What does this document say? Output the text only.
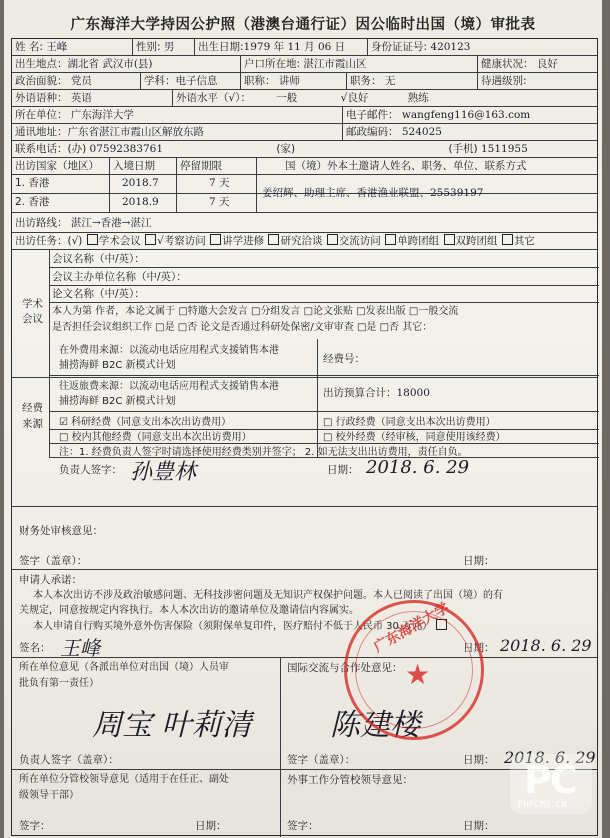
广东海洋大学持因公护照（港澳台通行证）因公临时出国（境）审批表
姓 名: 王峰	性别: 男	出生日期:1979 年 11 月 06 日	身份证证号: 420123
出生地点：湖北省 武汉市(县)	户口所在地: 湛江市霞山区	健康状况： 良好
政治面貌： 党员	学科：电子信息	职称： 讲师	职务： 无	待遇级别:
外语语种： 英语	外语水平（√）： 一般	√良好	熟练
所在单位： 广东海洋大学	电子邮件： wangfeng116@163.com
通讯地址：广东省湛江市霞山区解放东路	邮政编码： 524025
联系电话：(办) 07592383761	(家)	(手机) 1511955
出访国家（地区）	入境日期	停留期限	国（境）外本土邀请人姓名、职务、单位、联系方式
1. 香港	2018.7	7 天
2. 香港	2018.9	7 天
姜绍辉、助理主席、香港渔业联盟、25539197
出访路线： 湛江→香港→湛江
出访任务：(√) 学术会议 √考察访问 讲学进修 研究洽谈 交流访问 单跨团组 双跨团组 其它
学术
会议
会议名称（中/英）：
会议主办单位名称（中/英）：
论文名称（中/英）：
本人为第 作者，本论文属于 □特邀大会发言 □分组发言 □论文张贴 □发表出版 □一般交流
是否担任会议组织工作 □是 □否 论文是否通过科研处保密/文审审查 □是 □否 其它：
经费
来源
在外费用来源：以流动电话应用程式支援销售本港
捕捞海鲜 B2C 新模式计划
经费号：
往返旅费来源：以流动电话应用程式支援销售本港
捕捞海鲜 B2C 新模式计划
出访预算合计：18000
☑ 科研经费（同意支出本次出访费用）	□ 行政经费（同意支出本次出访费用）
□ 校内其他经费（同意支出本次出访费用）	□ 校外经费（经审核，同意使用该经费）
注：1. 经费负责人签字时请选择使用经费类别并签字； 2. 如无法支出出访费用，责任自负。
负责人签字： 孙豊林	日期： 2018. 6. 29
财务处审核意见：
签字（盖章）：	日期：
申请人承诺：
本人本次出访不涉及政治敏感问题、无科技涉密问题及无知识产权保护问题。本人已阅读了出国（境）的有
关规定，同意按规定内容执行。本人本次出访的邀请单位及邀请信内容属实。
本人申请自行购买境外意外伤害保险（须附保单复印件，医疗赔付不低于人民币 30 万元）
签名： 王峰	日期： 2018. 6. 29
所在单位意见（各派出单位对出国（境）人员审
批负有第一责任）
周宝 叶莉清
负责人签字（盖章）：
国际交流与合作处意见：
陈建楼
签字（盖章）：	日期： 2018. 6. 29
所在单位分管校领导意见（适用于在任正、副处
级领导干部）
外事工作分管校领导意见：
签字：	日期：	签字：	日期：
★
广东海洋大学
PC
PHPCMS.CN
